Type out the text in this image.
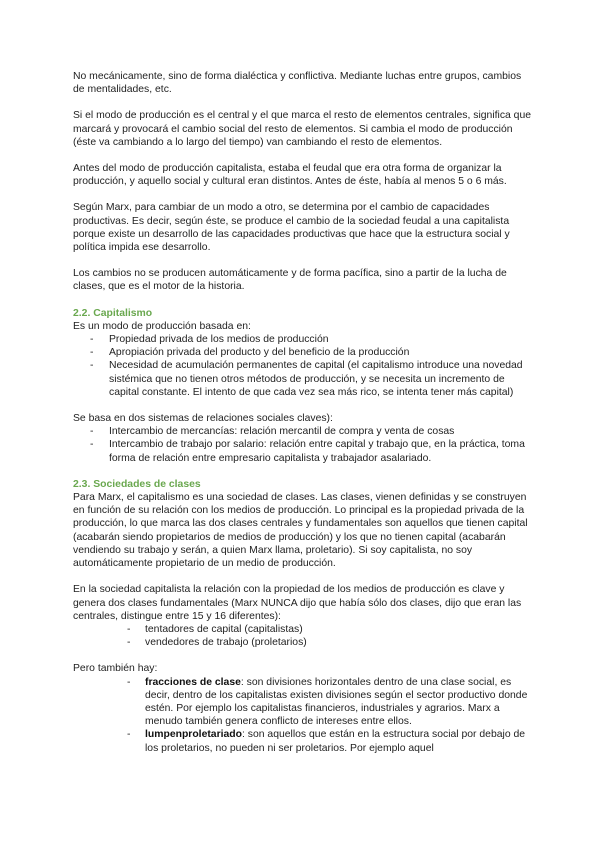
No mecánicamente, sino de forma dialéctica y conflictiva. Mediante luchas entre grupos, cambios de mentalidades, etc.

Si el modo de producción es el central y el que marca el resto de elementos centrales, significa que marcará y provocará el cambio social del resto de elementos. Si cambia el modo de producción (éste va cambiando a lo largo del tiempo) van cambiando el resto de elementos.

Antes del modo de producción capitalista, estaba el feudal que era otra forma de organizar la producción, y aquello social y cultural eran distintos. Antes de éste, había al menos 5 o 6 más.

Según Marx, para cambiar de un modo a otro, se determina por el cambio de capacidades productivas. Es decir, según éste, se produce el cambio de la sociedad feudal a una capitalista porque existe un desarrollo de las capacidades productivas que hace que la estructura social y política impida ese desarrollo.

Los cambios no se producen automáticamente y de forma pacífica, sino a partir de la lucha de clases, que es el motor de la historia.

2.2. Capitalismo

Es un modo de producción basada en:

- Propiedad privada de los medios de producción
- Apropiación privada del producto y del beneficio de la producción
- Necesidad de acumulación permanentes de capital (el capitalismo introduce una novedad sistémica que no tienen otros métodos de producción, y se necesita un incremento de capital constante. El intento de que cada vez sea más rico, se intenta tener más capital)

Se basa en dos sistemas de relaciones sociales claves):

- Intercambio de mercancías: relación mercantil de compra y venta de cosas
- Intercambio de trabajo por salario: relación entre capital y trabajo que, en la práctica, toma forma de relación entre empresario capitalista y trabajador asalariado.
2.3. Sociedades de clases

Para Marx, el capitalismo es una sociedad de clases. Las clases, vienen definidas y se construyen en función de su relación con los medios de producción. Lo principal es la propiedad privada de la producción, lo que marca las dos clases centrales y fundamentales son aquellos que tienen capital (acabarán siendo propietarios de medios de producción) y los que no tienen capital (acabarán vendiendo su trabajo y serán, a quien Marx llama, proletario). Si soy capitalista, no soy automáticamente propietario de un medio de producción.

En la sociedad capitalista la relación con la propiedad de los medios de producción es clave y genera dos clases fundamentales (Marx NUNCA dijo que había sólo dos clases, dijo que eran las centrales, distingue entre 15 y 16 diferentes):

- tentadores de capital (capitalistas)
- vendedores de trabajo (proletarios)

Pero también hay:

- fracciones de clase: son divisiones horizontales dentro de una clase social, es decir, dentro de los capitalistas existen divisiones según el sector productivo donde estén. Por ejemplo los capitalistas financieros, industriales y agrarios. Marx a menudo también genera conflicto de intereses entre ellos.
- lumpenproletariado: son aquellos que están en la estructura social por debajo de los proletarios, no pueden ni ser proletarios. Por ejemplo aquel
